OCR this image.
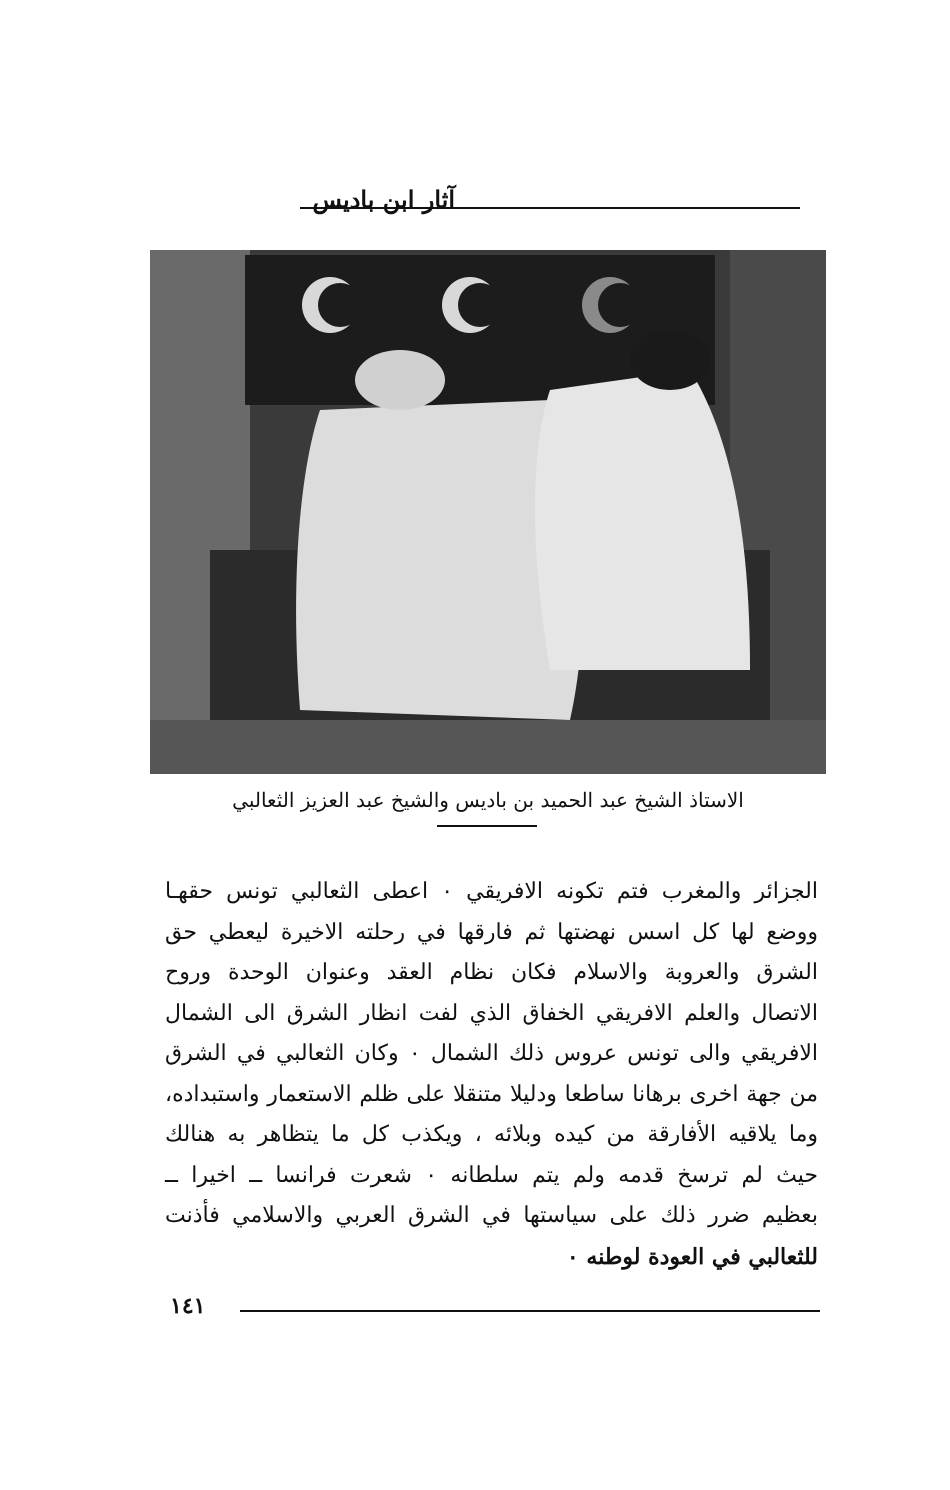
آثار ابن باديس
الاستاذ الشيخ عبد الحميد بن باديس والشيخ عبد العزيز الثعالبي

الجزائر والمغرب فتم تكونه الافريقي ٠ اعطى الثعالبي تونس حقهـا

ووضع لها كل اسس نهضتها ثم فارقها في رحلته الاخيرة ليعطي حق

الشرق والعروبة والاسلام فكان نظام العقد وعنوان الوحدة وروح

الاتصال والعلم الافريقي الخفاق الذي لفت انظار الشرق الى الشمال

الافريقي والى تونس عروس ذلك الشمال ٠ وكان الثعالبي في الشرق

من جهة اخرى برهانا ساطعا ودليلا متنقلا على ظلم الاستعمار واستبداده،

وما يلاقيه الأفارقة من كيده وبلائه ، ويكذب كل ما يتظاهر به هنالك

حيث لم ترسخ قدمه ولم يتم سلطانه ٠ شعرت فرانسا ــ اخيرا ــ

بعظيم ضرر ذلك على سياستها في الشرق العربي والاسلامي فأذنت

للثعالبي في العودة لوطنه ٠

١٤١
